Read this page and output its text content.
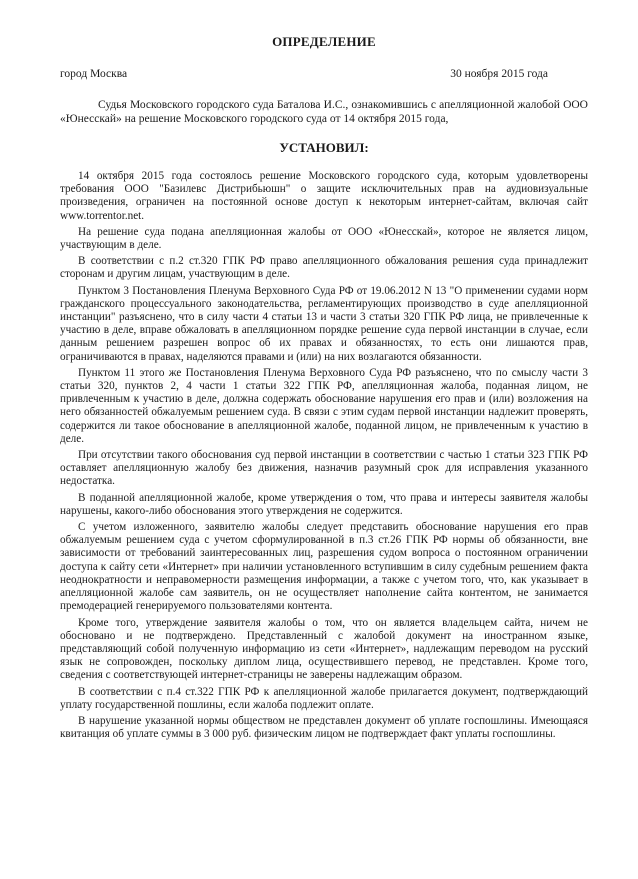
ОПРЕДЕЛЕНИЕ
город Москва	30 ноября 2015 года

Судья Московского городского суда Баталова И.С., ознакомившись с апелляционной жалобой ООО «Юнесскай» на решение Московского городского суда от 14 октября 2015 года,

УСТАНОВИЛ:

14 октября 2015 года состоялось решение Московского городского суда, которым удовлетворены требования ООО "Базилевс Дистрибьюшн" о защите исключительных прав на аудиовизуальные произведения, ограничен на постоянной основе доступ к некоторым интернет-сайтам, включая сайт www.torrentor.net.

На решение суда подана апелляционная жалобы от ООО «Юнесскай», которое не является лицом, участвующим в деле.

В соответствии с п.2 ст.320 ГПК РФ право апелляционного обжалования решения суда принадлежит сторонам и другим лицам, участвующим в деле.

Пунктом 3 Постановления Пленума Верховного Суда РФ от 19.06.2012 N 13 "О применении судами норм гражданского процессуального законодательства, регламентирующих производство в суде апелляционной инстанции" разъяснено, что в силу части 4 статьи 13 и части 3 статьи 320 ГПК РФ лица, не привлеченные к участию в деле, вправе обжаловать в апелляционном порядке решение суда первой инстанции в случае, если данным решением разрешен вопрос об их правах и обязанностях, то есть они лишаются прав, ограничиваются в правах, наделяются правами и (или) на них возлагаются обязанности.

Пунктом 11 этого же Постановления Пленума Верховного Суда РФ разъяснено, что по смыслу части 3 статьи 320, пунктов 2, 4 части 1 статьи 322 ГПК РФ, апелляционная жалоба, поданная лицом, не привлеченным к участию в деле, должна содержать обоснование нарушения его прав и (или) возложения на него обязанностей обжалуемым решением суда. В связи с этим судам первой инстанции надлежит проверять, содержится ли такое обоснование в апелляционной жалобе, поданной лицом, не привлеченным к участию в деле.

При отсутствии такого обоснования суд первой инстанции в соответствии с частью 1 статьи 323 ГПК РФ оставляет апелляционную жалобу без движения, назначив разумный срок для исправления указанного недостатка.

В поданной апелляционной жалобе, кроме утверждения о том, что права и интересы заявителя жалобы нарушены, какого-либо обоснования этого утверждения не содержится.

С учетом изложенного, заявителю жалобы следует представить обоснование нарушения его прав обжалуемым решением суда с учетом сформулированной в п.3 ст.26 ГПК РФ нормы об обязанности, вне зависимости от требований заинтересованных лиц, разрешения судом вопроса о постоянном ограничении доступа к сайту сети «Интернет» при наличии установленного вступившим в силу судебным решением факта неоднократности и неправомерности размещения информации, а также с учетом того, что, как указывает в апелляционной жалобе сам заявитель, он не осуществляет наполнение сайта контентом, не занимается премодерацией генерируемого пользователями контента.

Кроме того, утверждение заявителя жалобы о том, что он является владельцем сайта, ничем не обосновано и не подтверждено. Представленный с жалобой документ на иностранном языке, представляющий собой полученную информацию из сети «Интернет», надлежащим переводом на русский язык не сопровожден, поскольку диплом лица, осуществившего перевод, не представлен. Кроме того, сведения с соответствующей интернет-страницы не заверены надлежащим образом.

В соответствии с п.4 ст.322 ГПК РФ к апелляционной жалобе прилагается документ, подтверждающий уплату государственной пошлины, если жалоба подлежит оплате.

В нарушение указанной нормы обществом не представлен документ об уплате госпошлины. Имеющаяся квитанция об уплате суммы в 3 000 руб. физическим лицом не подтверждает факт уплаты госпошлины.
